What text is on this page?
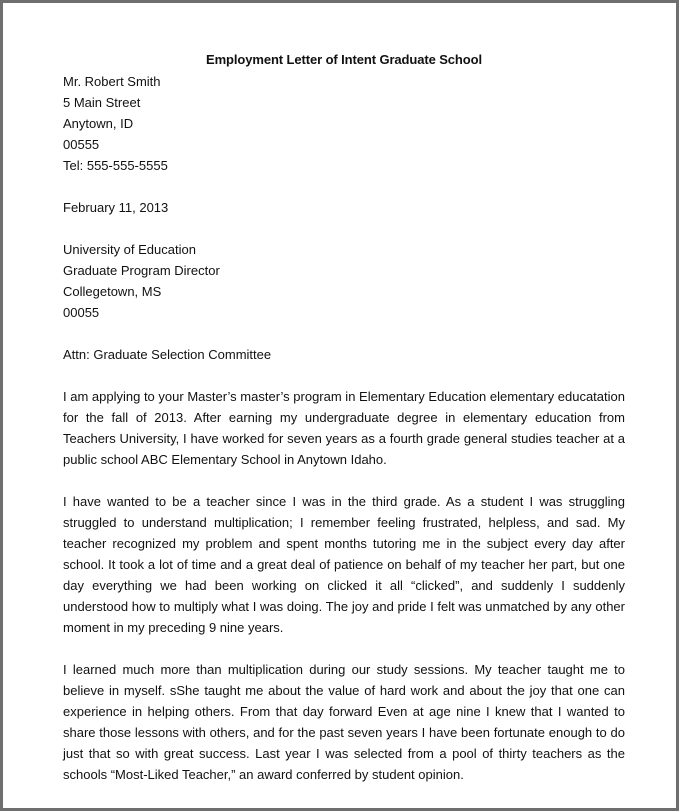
Employment Letter of Intent Graduate School

Mr. Robert Smith

5 Main Street

Anytown, ID

00555

Tel: 555-555-5555

February 11, 2013

University of Education

Graduate Program Director

Collegetown, MS

00055

Attn: Graduate Selection Committee

I am applying to your Master’s master’s program in Elementary Education elementary educatation for the fall of 2013. After earning my undergraduate degree in elementary education from Teachers University, I have worked for seven years as a fourth grade general studies teacher at a public school ABC Elementary School in Anytown Idaho.

I have wanted to be a teacher since I was in the third grade. As a student I was struggling struggled to understand multiplication; I remember feeling frustrated, helpless, and sad. My teacher recognized my problem and spent months tutoring me in the subject every day after school. It took a lot of time and a great deal of patience on behalf of my teacher her part, but one day everything we had been working on clicked it all “clicked”, and suddenly I suddenly understood how to multiply what I was doing. The joy and pride I felt was unmatched by any other moment in my preceding 9 nine years.

I learned much more than multiplication during our study sessions. My teacher taught me to believe in myself. sShe taught me about the value of hard work and about the joy that one can experience in helping others. From that day forward Even at age nine I knew that I wanted to share those lessons with others, and for the past seven years I have been fortunate enough to do just that so with great success. Last year I was selected from a pool of thirty teachers as the schools “Most-Liked Teacher,” an award conferred by student opinion.
